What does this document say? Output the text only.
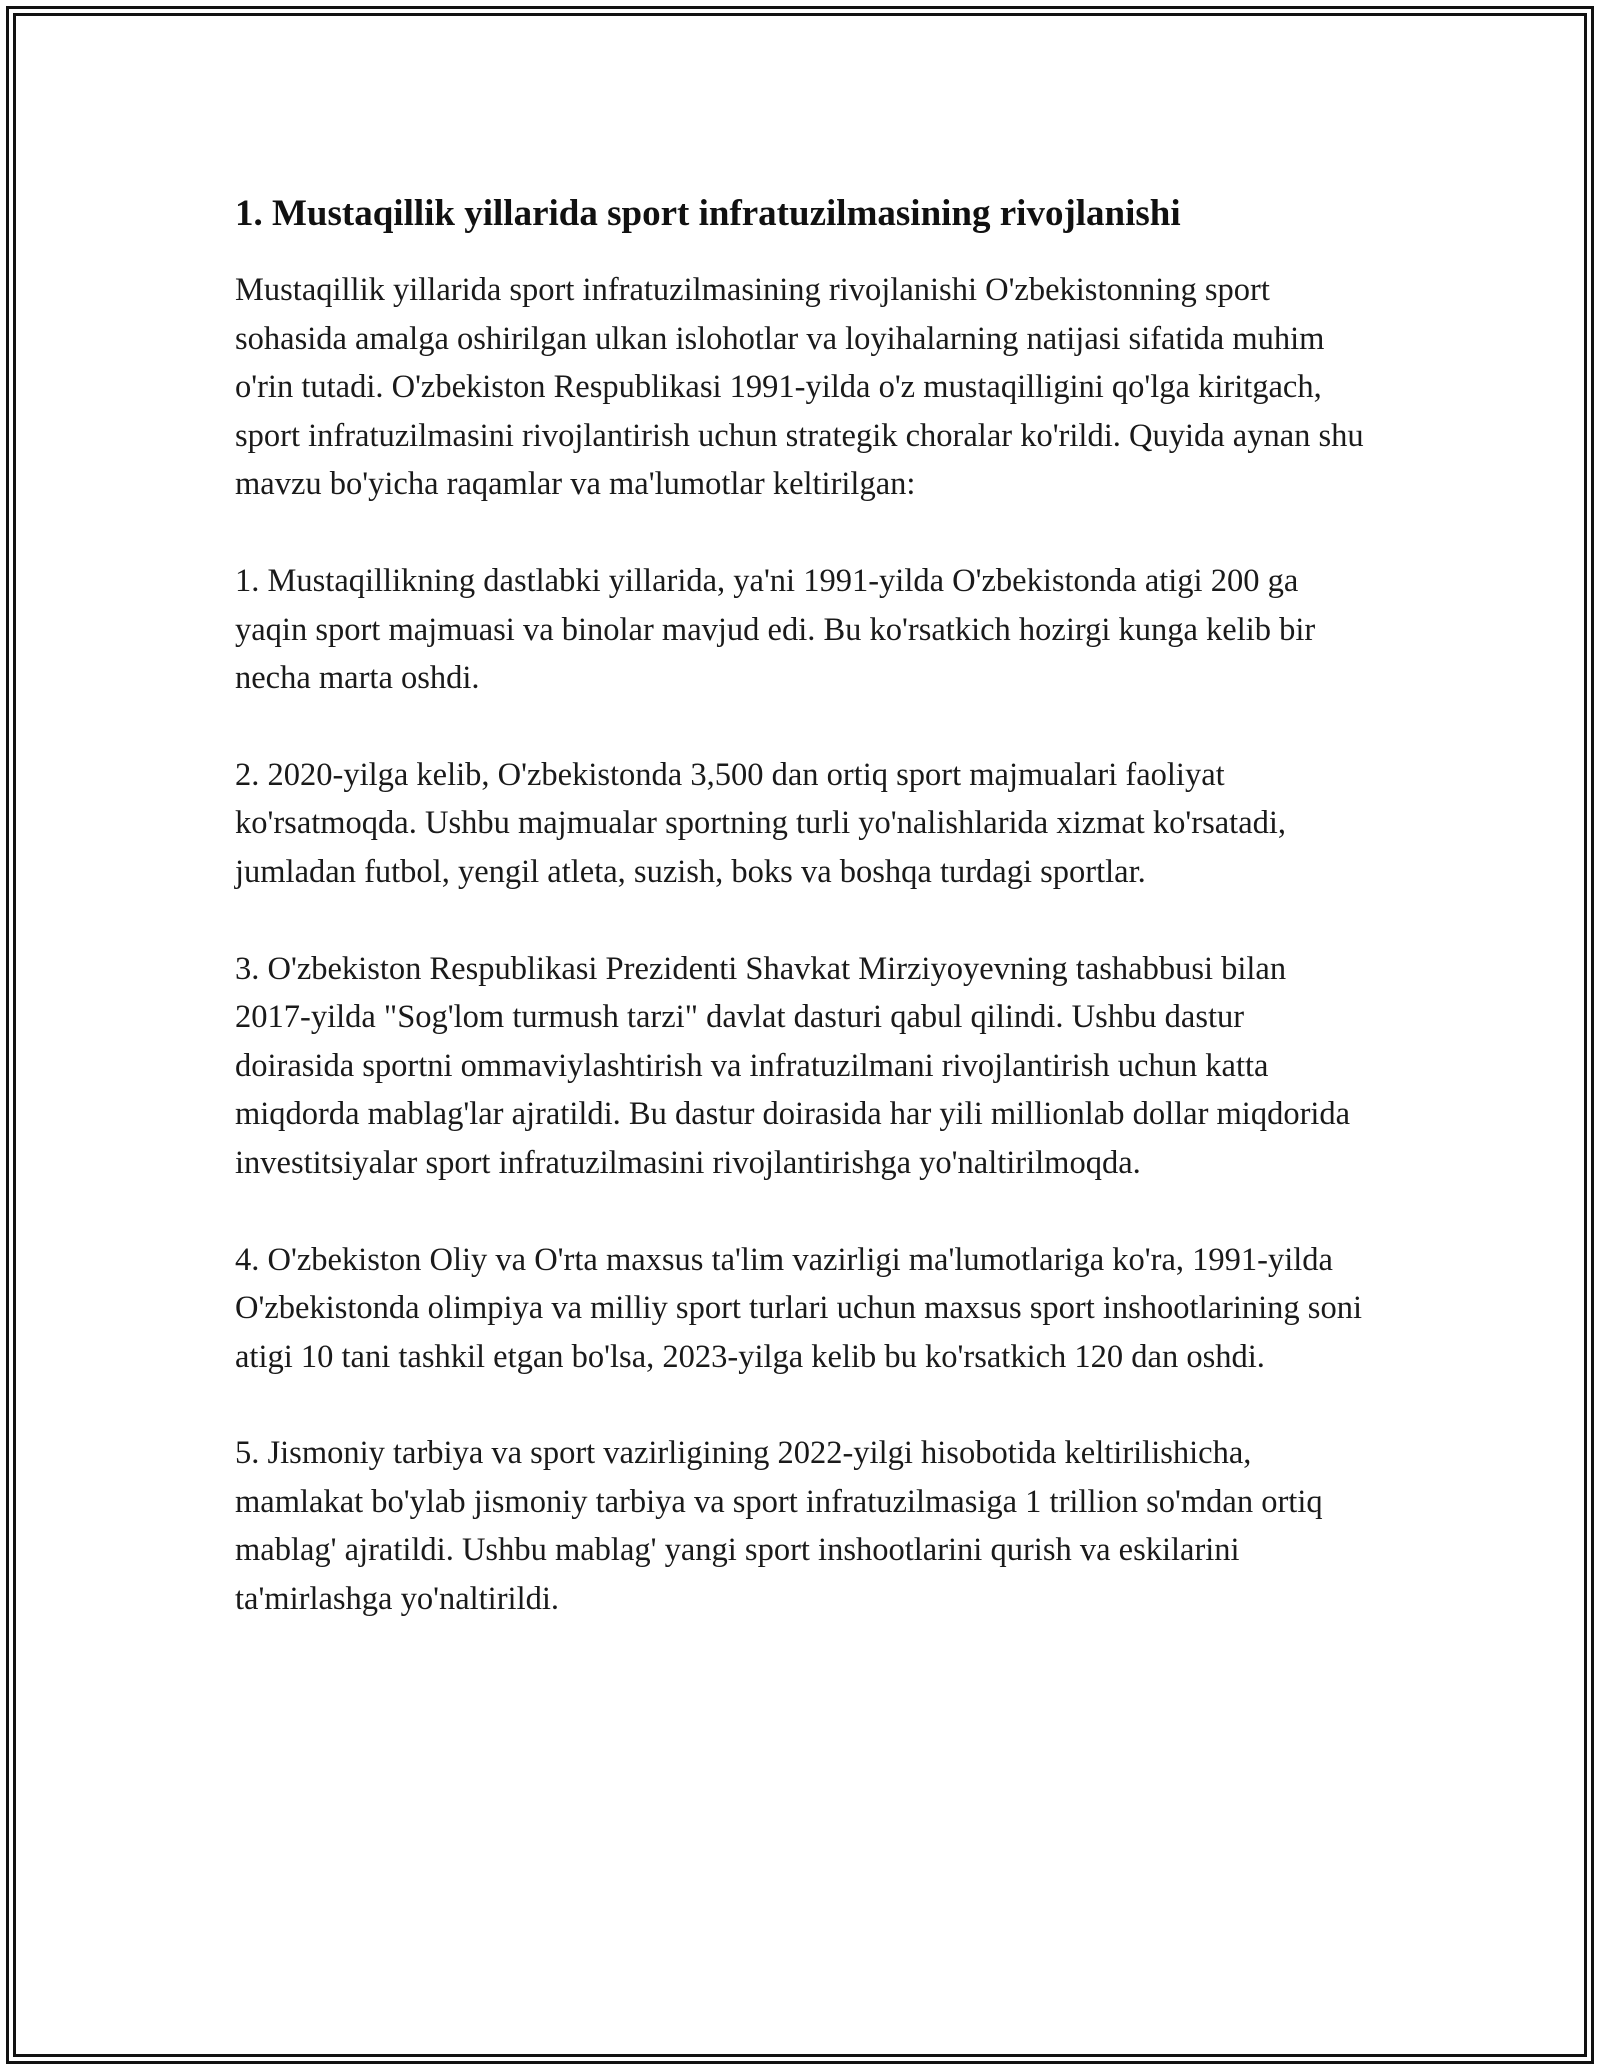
1. Mustaqillik yillarida sport infratuzilmasining rivojlanishi

Mustaqillik yillarida sport infratuzilmasining rivojlanishi O'zbekistonning sport sohasida amalga oshirilgan ulkan islohotlar va loyihalarning natijasi sifatida muhim o'rin tutadi. O'zbekiston Respublikasi 1991-yilda o'z mustaqilligini qo'lga kiritgach, sport infratuzilmasini rivojlantirish uchun strategik choralar ko'rildi. Quyida aynan shu mavzu bo'yicha raqamlar va ma'lumotlar keltirilgan:

1. Mustaqillikning dastlabki yillarida, ya'ni 1991-yilda O'zbekistonda atigi 200 ga yaqin sport majmuasi va binolar mavjud edi. Bu ko'rsatkich hozirgi kunga kelib bir necha marta oshdi.

2. 2020-yilga kelib, O'zbekistonda 3,500 dan ortiq sport majmualari faoliyat ko'rsatmoqda. Ushbu majmualar sportning turli yo'nalishlarida xizmat ko'rsatadi, jumladan futbol, yengil atleta, suzish, boks va boshqa turdagi sportlar.

3. O'zbekiston Respublikasi Prezidenti Shavkat Mirziyoyevning tashabbusi bilan 2017-yilda "Sog'lom turmush tarzi" davlat dasturi qabul qilindi. Ushbu dastur doirasida sportni ommaviylashtirish va infratuzilmani rivojlantirish uchun katta miqdorda mablag'lar ajratildi. Bu dastur doirasida har yili millionlab dollar miqdorida investitsiyalar sport infratuzilmasini rivojlantirishga yo'naltirilmoqda.

4. O'zbekiston Oliy va O'rta maxsus ta'lim vazirligi ma'lumotlariga ko'ra, 1991-yilda O'zbekistonda olimpiya va milliy sport turlari uchun maxsus sport inshootlarining soni atigi 10 tani tashkil etgan bo'lsa, 2023-yilga kelib bu ko'rsatkich 120 dan oshdi.

5. Jismoniy tarbiya va sport vazirligining 2022-yilgi hisobotida keltirilishicha, mamlakat bo'ylab jismoniy tarbiya va sport infratuzilmasiga 1 trillion so'mdan ortiq mablag' ajratildi. Ushbu mablag' yangi sport inshootlarini qurish va eskilarini ta'mirlashga yo'naltirildi.
